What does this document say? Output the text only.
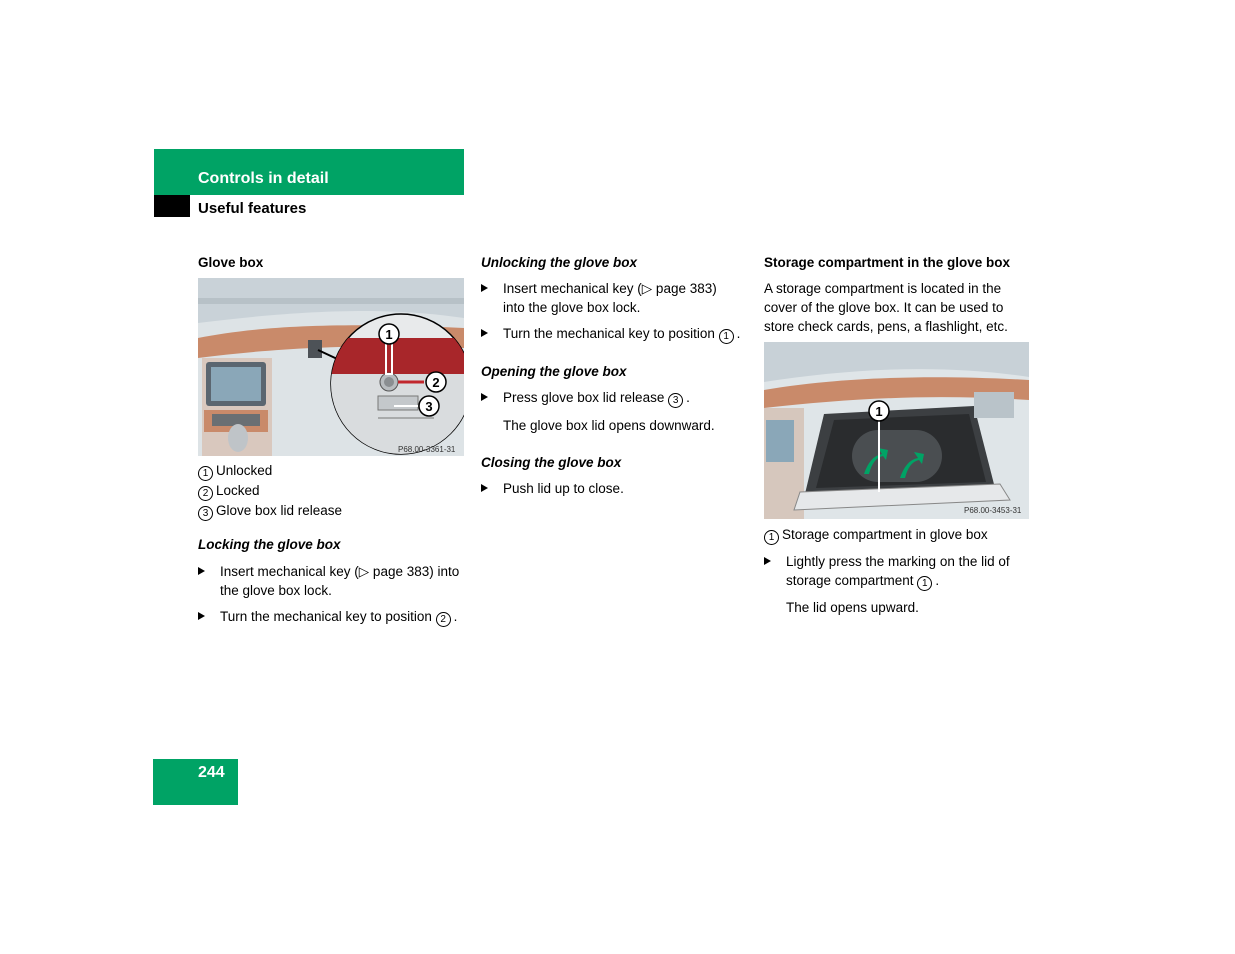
Controls in detail
Useful features

Glove box

1
2
3
P68.00-3361-31
1 Unlocked
2 Locked
3 Glove box lid release

Locking the glove box

Insert mechanical key (▷ page 383) into the glove box lock.
Turn the mechanical key to position 2 .

Unlocking the glove box

Insert mechanical key (▷ page 383) into the glove box lock.
Turn the mechanical key to position 1 .

Opening the glove box

Press glove box lid release 3 .
The glove box lid opens downward.

Closing the glove box

Push lid up to close.

Storage compartment in the glove box

A storage compartment is located in the cover of the glove box. It can be used to store check cards, pens, a flashlight, etc.
1
P68.00-3453-31
1 Storage compartment in glove box
Lightly press the marking on the lid of storage compartment 1 .
The lid opens upward.
244
